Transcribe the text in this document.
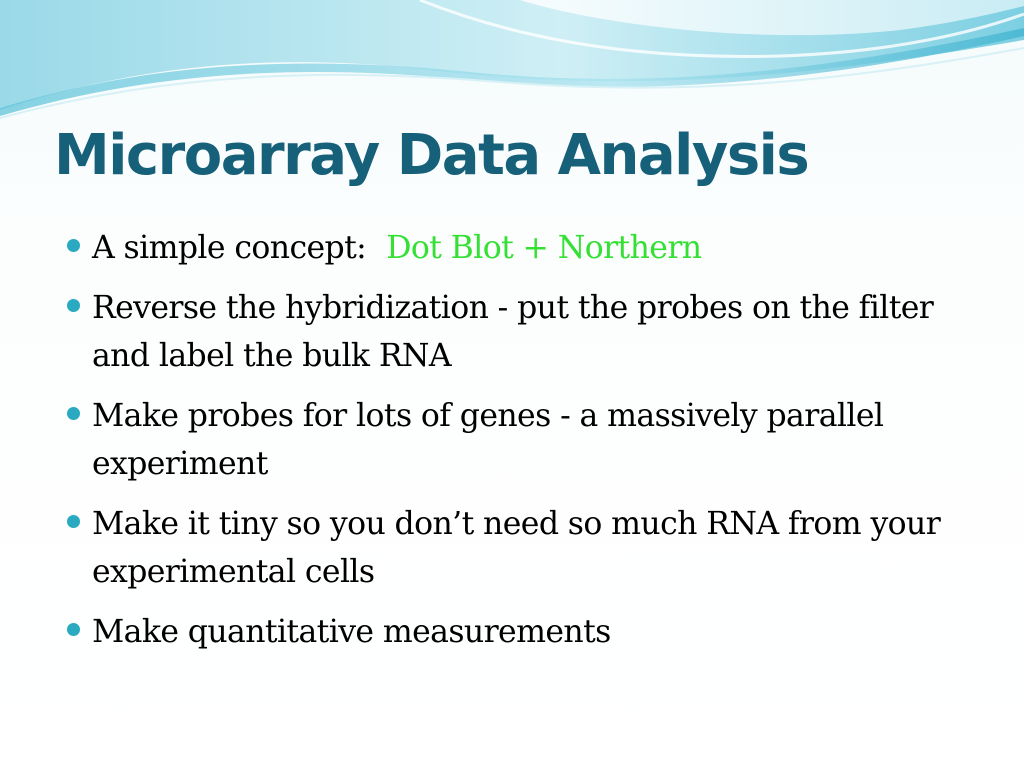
Microarray Data Analysis
A simple concept: Dot Blot + Northern
Reverse the hybridization - put the probes on the filter and label the bulk RNA
Make probes for lots of genes - a massively parallel experiment
Make it tiny so you don’t need so much RNA from your experimental cells
Make quantitative measurements
